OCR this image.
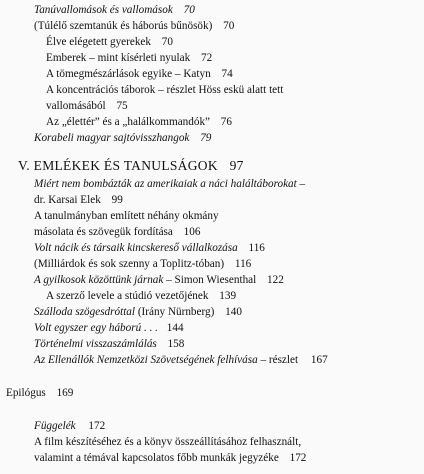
Tanúvallomások és vallomások 70
(Túlélő szemtanúk és háborús bűnösök) 70
Élve elégetett gyerekek 70
Emberek – mint kísérleti nyulak 72
A tömegmészárlások egyike – Katyn 74
A koncentrációs táborok – részlet Höss eskü alatt tett
vallomásából 75
Az „élettér” és a „halálkommandók” 76
Korabeli magyar sajtóvisszhangok 79
V. EMLÉKEK ÉS TANULSÁGOK 97
Miért nem bombázták az amerikaiak a náci haláltáborokat –
dr. Karsai Elek 99
A tanulmányban említett néhány okmány
másolata és szövegük fordítása 106
Volt nácik és társaik kincskereső vállalkozása 116
(Milliárdok és sok szenny a Toplitz-tóban) 116
A gyilkosok közöttünk járnak – Simon Wiesenthal 122
A szerző levele a stúdió vezetőjének 139
Szálloda szögesdróttal (Irány Nürnberg) 140
Volt egyszer egy háború . . . 144
Történelmi visszaszámlálás 158
Az Ellenállók Nemzetközi Szövetségének felhívása – részlet 167
Epilógus 169
Függelék 172
A film készítéséhez és a könyv összeállításához felhasznált,
valamint a témával kapcsolatos főbb munkák jegyzéke 172
